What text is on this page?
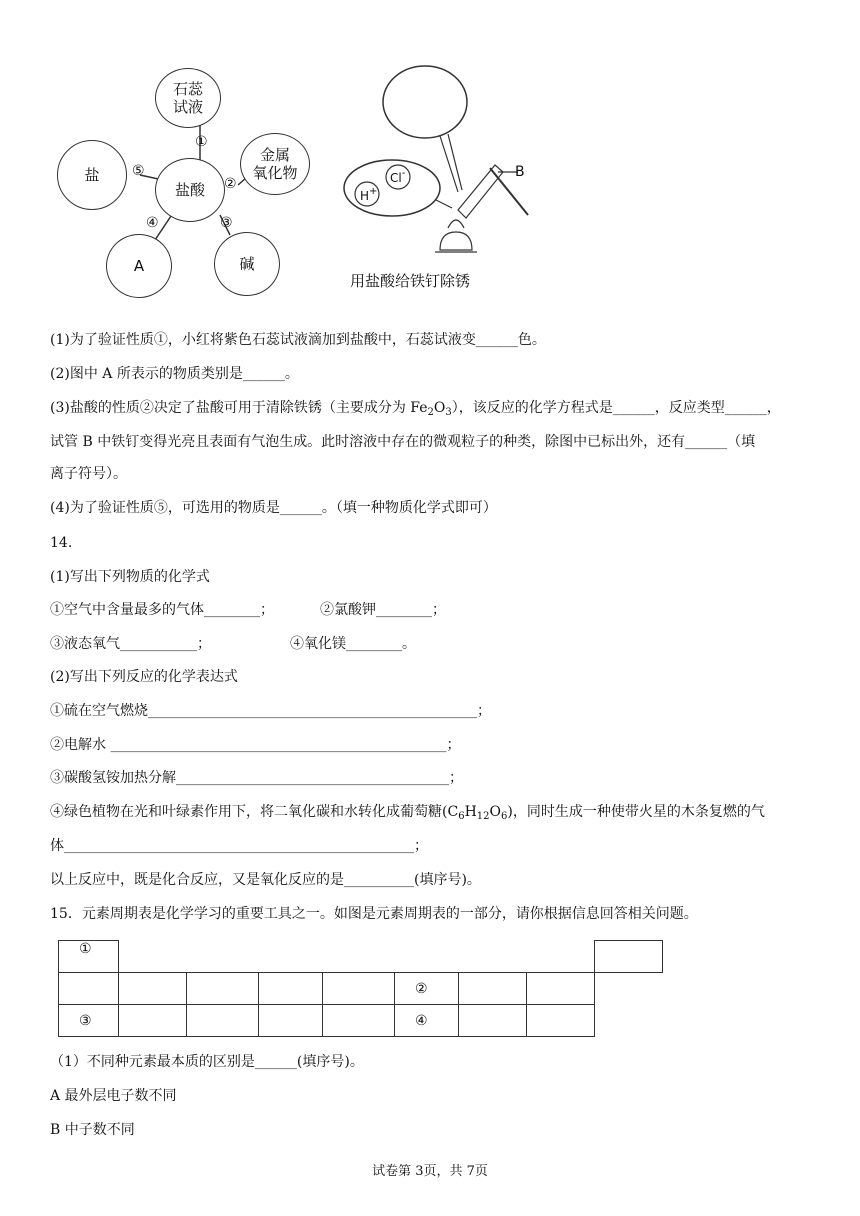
石蕊
试液
盐酸
金属
氧化物
盐
A	碱
①
②
③
④
⑤	Cl-
H+
B
用盐酸给铁钉除锈
(1)为了验证性质①，小红将紫色石蕊试液滴加到盐酸中，石蕊试液变______色。
(2)图中 A 所表示的物质类别是______。
(3)盐酸的性质②决定了盐酸可用于清除铁锈（主要成分为 $Fe_2O_3$），该反应的化学方程式是______，反应类型______，
试管 B 中铁钉变得光亮且表面有气泡生成。此时溶液中存在的微观粒子的种类，除图中已标出外，还有______（填
离子符号）。
(4)为了验证性质⑤，可选用的物质是______。（填一种物质化学式即可）
14.
(1)写出下列物质的化学式
①空气中含量最多的气体________；	②氯酸钾________；
③液态氧气___________；	④氧化镁________。
(2)写出下列反应的化学表达式
①硫在空气燃烧_______________________________________________；
②电解水 ________________________________________________；
③碳酸氢铵加热分解_______________________________________；
④绿色植物在光和叶绿素作用下，将二氧化碳和水转化成葡萄糖$(C_6H_{12}O_6)$，同时生成一种使带火星的木条复燃的气
体__________________________________________________；
以上反应中，既是化合反应，又是氧化反应的是__________(填序号)。
15．元素周期表是化学学习的重要工具之一。如图是元素周期表的一部分，请你根据信息回答相关问题。
①								
					②			
③					④			
（1）不同种元素最本质的区别是______(填序号)。
A 最外层电子数不同
B 中子数不同
试卷第 3页，共 7页
